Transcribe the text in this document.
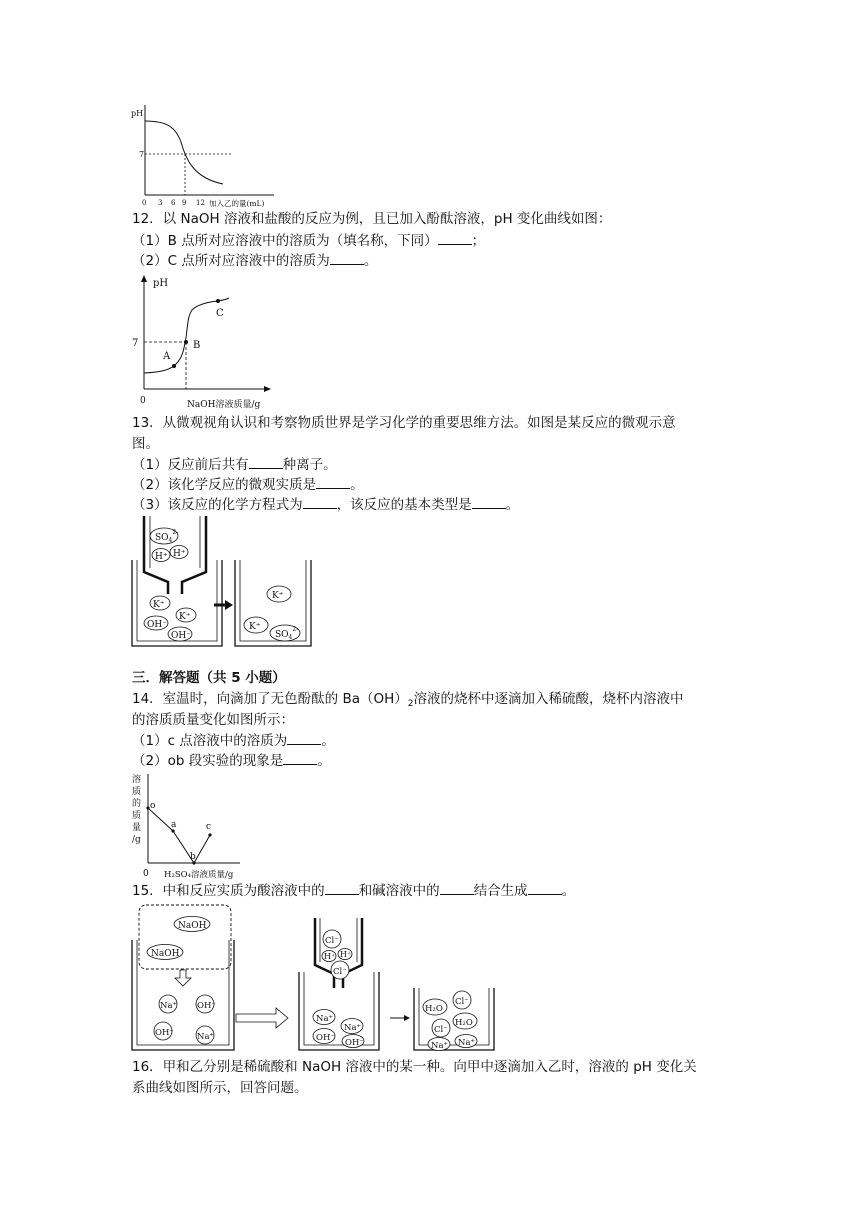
pH
7
0 3 6 9 12 加入乙的量(mL)
12．以 NaOH 溶液和盐酸的反应为例，且已加入酚酞溶液，pH 变化曲线如图：
（1）B 点所对应溶液中的溶质为（填名称，下同）	；
（2）C 点所对应溶液中的溶质为	。
pH
7
0
A
B
C
NaOH溶液质量/g
13．从微观视角认识和考察物质世界是学习化学的重要思维方法。如图是某反应的微观示意
图。
（1）反应前后共有	种离子。
（2）该化学反应的微观实质是	。
（3）该反应的化学方程式为	，该反应的基本类型是	。
$SO_4^{2-}$
H⁺ H⁺
K⁺
K⁺
OH⁻
OH⁻
K⁺
K⁺
$SO_4^{2-}$
三．解答题（共 5 小题）
14．室温时，向滴加了无色酚酞的 $Ba(OH)_2$溶液的烧杯中逐滴加入稀硫酸，烧杯内溶液中
的溶质质量变化如图所示：
（1）c 点溶液中的溶质为	。
（2）ob 段实验的现象是	。
溶 质 的 质 量 /g
o
a
b
c
0 H₂SO₄溶液质量/g
15．中和反应实质为酸溶液中的	和碱溶液中的	结合生成	。
NaOH
NaOH
Na⁺ OH⁻
OH⁻	Na⁺
Cl⁻
H⁺ H⁺
Cl⁻
Na⁺
Na⁺
OH⁻ OH⁻
H₂O
Cl⁻
H₂O
Cl⁻
Na⁺ Na⁺
16．甲和乙分别是稀硫酸和 NaOH 溶液中的某一种。向甲中逐滴加入乙时，溶液的 pH 变化关
系曲线如图所示，回答问题。
